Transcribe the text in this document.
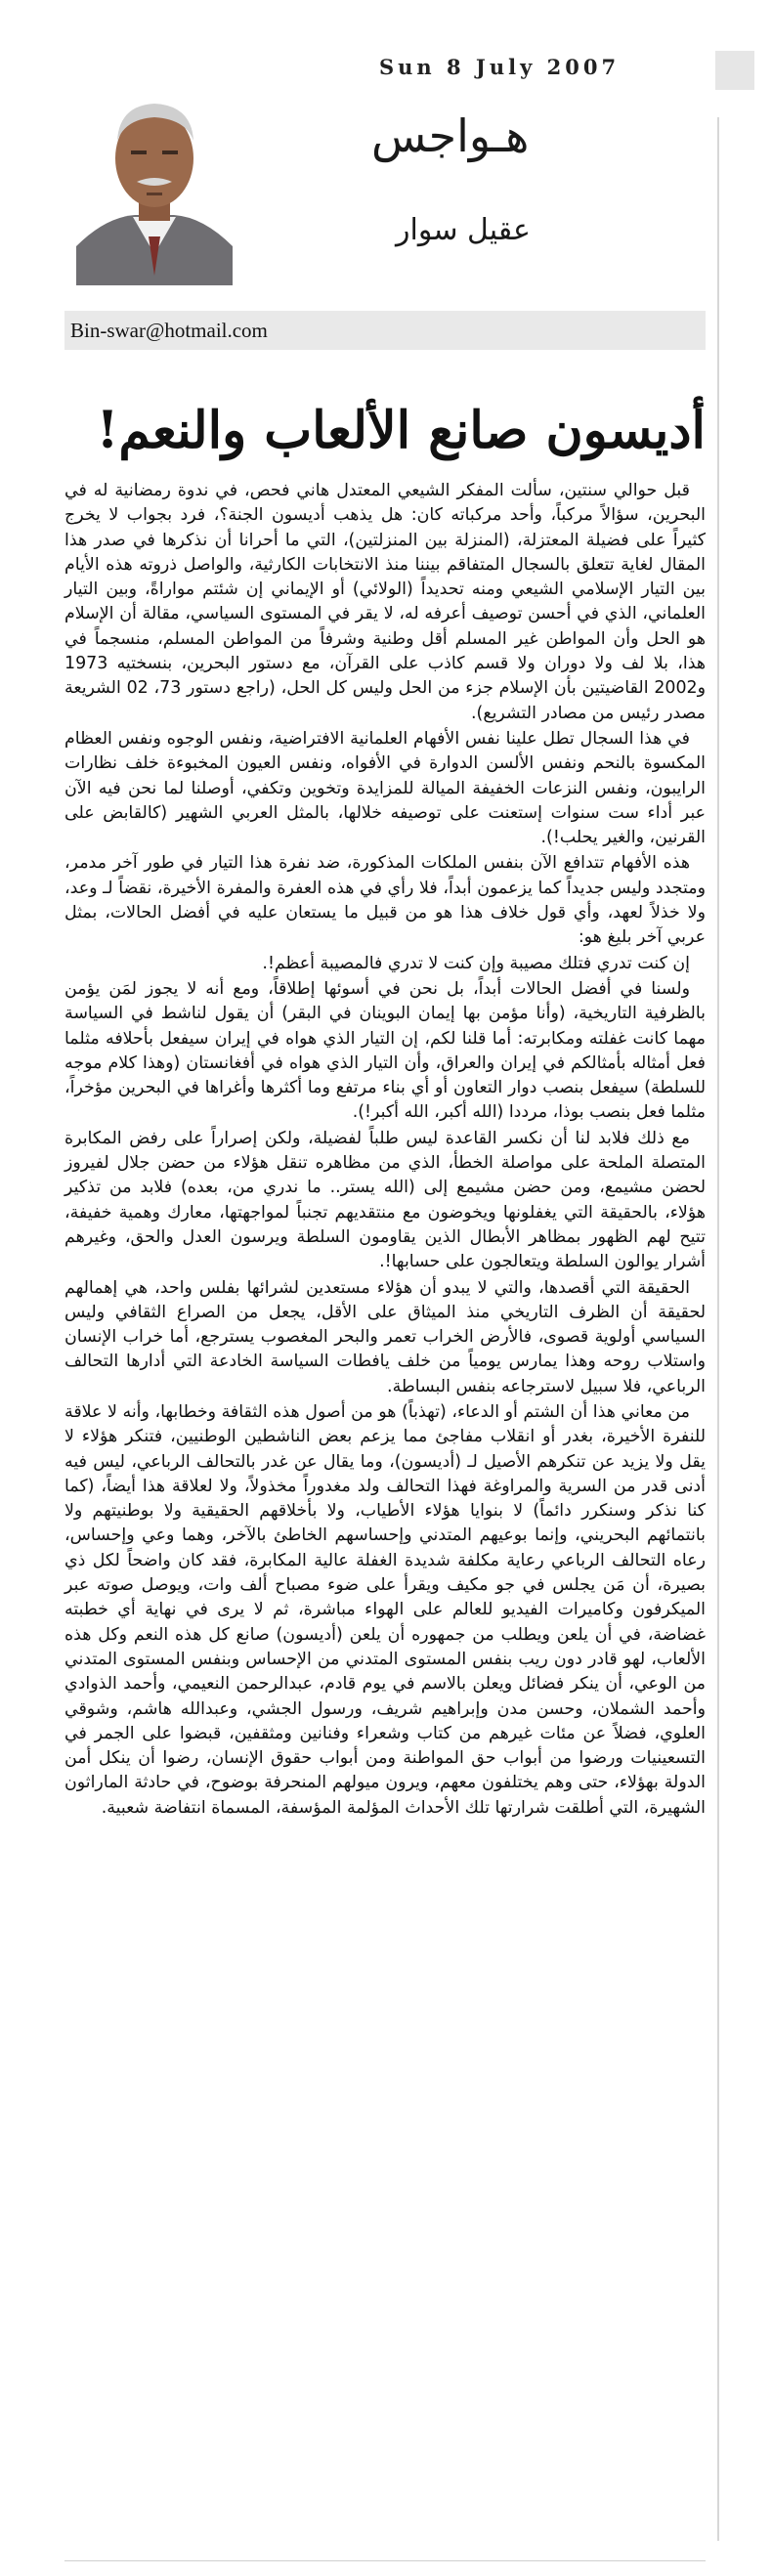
Sun 8 July 2007
هـواجس
عقيل سوار
Bin-swar@hotmail.com
أديسون صانع الألعاب والنعم!

قبل حوالي سنتين، سألت المفكر الشيعي المعتدل هاني فحص، في ندوة رمضانية له في البحرين، سؤالاً مركباً، وأحد مركباته كان: هل يذهب أديسون الجنة؟، فرد بجواب لا يخرج كثيراً على فضيلة المعتزلة، (المنزلة بين المنزلتين)، التي ما أحرانا أن نذكرها في صدر هذا المقال لغاية تتعلق بالسجال المتفاقم بيننا منذ الانتخابات الكارثية، والواصل ذروته هذه الأيام بين التيار الإسلامي الشيعي ومنه تحديداً (الولائي) أو الإيماني إن شئتم مواراةً، وبين التيار العلماني، الذي في أحسن توصيف أعرفه له، لا يقر في المستوى السياسي، مقالة أن الإسلام هو الحل وأن المواطن غير المسلم أقل وطنية وشرفاً من المواطن المسلم، منسجماً في هذا، بلا لف ولا دوران ولا قسم كاذب على القرآن، مع دستور البحرين، بنسختيه 1973 و2002 القاضيتين بأن الإسلام جزء من الحل وليس كل الحل، (راجع دستور 73، 02 الشريعة مصدر رئيس من مصادر التشريع).

في هذا السجال تطل علينا نفس الأفهام العلمانية الافتراضية، ونفس الوجوه ونفس العظام المكسوة بالنحم ونفس الألسن الدوارة في الأفواه، ونفس العيون المخبوءة خلف نظارات الرايبون، ونفس النزعات الخفيفة الميالة للمزايدة وتخوين وتكفي، أوصلنا لما نحن فيه الآن عبر أداء ست سنوات إستعنت على توصيفه خلالها، بالمثل العربي الشهير (كالقابض على القرنين، والغير يحلب!).

هذه الأفهام تتدافع الآن بنفس الملكات المذكورة، ضد نفرة هذا التيار في طور آخر مدمر، ومتجدد وليس جديداً كما يزعمون أبداً، فلا رأي في هذه العفرة والمفرة الأخيرة، نقضاً لـ وعد، ولا خذلاً لعهد، وأي قول خلاف هذا هو من قبيل ما يستعان عليه في أفضل الحالات، بمثل عربي آخر بليغ هو:

إن كنت تدري فتلك مصيبة وإن كنت لا تدري فالمصيبة أعظم!.

ولسنا في أفضل الحالات أبداً، بل نحن في أسوئها إطلاقاً، ومع أنه لا يجوز لمَن يؤمن بالظرفية التاريخية، (وأنا مؤمن بها إيمان البوينان في البقر) أن يقول لناشط في السياسة مهما كانت غفلته ومكابرته: أما قلنا لكم، إن التيار الذي هواه في إيران سيفعل بأحلافه مثلما فعل أمثاله بأمثالكم في إيران والعراق، وأن التيار الذي هواه في أفغانستان (وهذا كلام موجه للسلطة) سيفعل بنصب دوار التعاون أو أي بناء مرتفع وما أكثرها وأغراها في البحرين مؤخراً، مثلما فعل بنصب بوذا، مرددا (الله أكبر، الله أكبر!).

مع ذلك فلابد لنا أن نكسر القاعدة ليس طلباً لفضيلة، ولكن إصراراً على رفض المكابرة المتصلة الملحة على مواصلة الخطأ، الذي من مظاهره تنقل هؤلاء من حضن جلال لفيروز لحضن مشيمع، ومن حضن مشيمع إلى (الله يستر.. ما ندري من، بعده) فلابد من تذكير هؤلاء، بالحقيقة التي يغفلونها ويخوضون مع منتقديهم تجنباً لمواجهتها، معارك وهمية خفيفة، تتيح لهم الظهور بمظاهر الأبطال الذين يقاومون السلطة ويرسون العدل والحق، وغيرهم أشرار يوالون السلطة ويتعالجون على حسابها!.

الحقيقة التي أقصدها، والتي لا يبدو أن هؤلاء مستعدين لشرائها بفلس واحد، هي إهمالهم لحقيقة أن الظرف التاريخي منذ الميثاق على الأقل، يجعل من الصراع الثقافي وليس السياسي أولوية قصوى، فالأرض الخراب تعمر والبحر المغصوب يسترجع، أما خراب الإنسان واستلاب روحه وهذا يمارس يومياً من خلف يافطات السياسة الخادعة التي أدارها التحالف الرباعي، فلا سبيل لاسترجاعه بنفس البساطة.

من معاني هذا أن الشتم أو الدعاء، (تهذباً) هو من أصول هذه الثقافة وخطابها، وأنه لا علاقة للنفرة الأخيرة، بغدر أو انقلاب مفاجئ مما يزعم بعض الناشطين الوطنيين، فتنكر هؤلاء لا يقل ولا يزيد عن تنكرهم الأصيل لـ (أديسون)، وما يقال عن غدر بالتحالف الرباعي، ليس فيه أدنى قدر من السرية والمراوغة فهذا التحالف ولد مغدوراً مخذولاً، ولا لعلاقة هذا أيضاً، (كما كنا نذكر وسنكرر دائماً) لا بنوايا هؤلاء الأطياب، ولا بأخلاقهم الحقيقية ولا بوطنيتهم ولا بانتمائهم البحريني، وإنما بوعيهم المتدني وإحساسهم الخاطئ بالآخر، وهما وعي وإحساس، رعاه التحالف الرباعي رعاية مكلفة شديدة الغفلة عالية المكابرة، فقد كان واضحاً لكل ذي بصيرة، أن مَن يجلس في جو مكيف ويقرأ على ضوء مصباح ألف وات، ويوصل صوته عبر الميكرفون وكاميرات الفيديو للعالم على الهواء مباشرة، ثم لا يرى في نهاية أي خطبته غضاضة، في أن يلعن ويطلب من جمهوره أن يلعن (أديسون) صانع كل هذه النعم وكل هذه الألعاب، لهو قادر دون ريب بنفس المستوى المتدني من الإحساس وبنفس المستوى المتدني من الوعي، أن ينكر فضائل ويعلن بالاسم في يوم قادم، عبدالرحمن النعيمي، وأحمد الذوادي وأحمد الشملان، وحسن مدن وإبراهيم شريف، ورسول الجشي، وعبدالله هاشم، وشوقي العلوي، فضلاً عن مئات غيرهم من كتاب وشعراء وفنانين ومثقفين، قبضوا على الجمر في التسعينيات ورضوا من أبواب حق المواطنة ومن أبواب حقوق الإنسان، رضوا أن ينكل أمن الدولة بهؤلاء، حتى وهم يختلفون معهم، ويرون ميولهم المنحرفة بوضوح، في حادثة الماراثون الشهيرة، التي أطلقت شرارتها تلك الأحداث المؤلمة المؤسفة، المسماة انتفاضة شعبية.
